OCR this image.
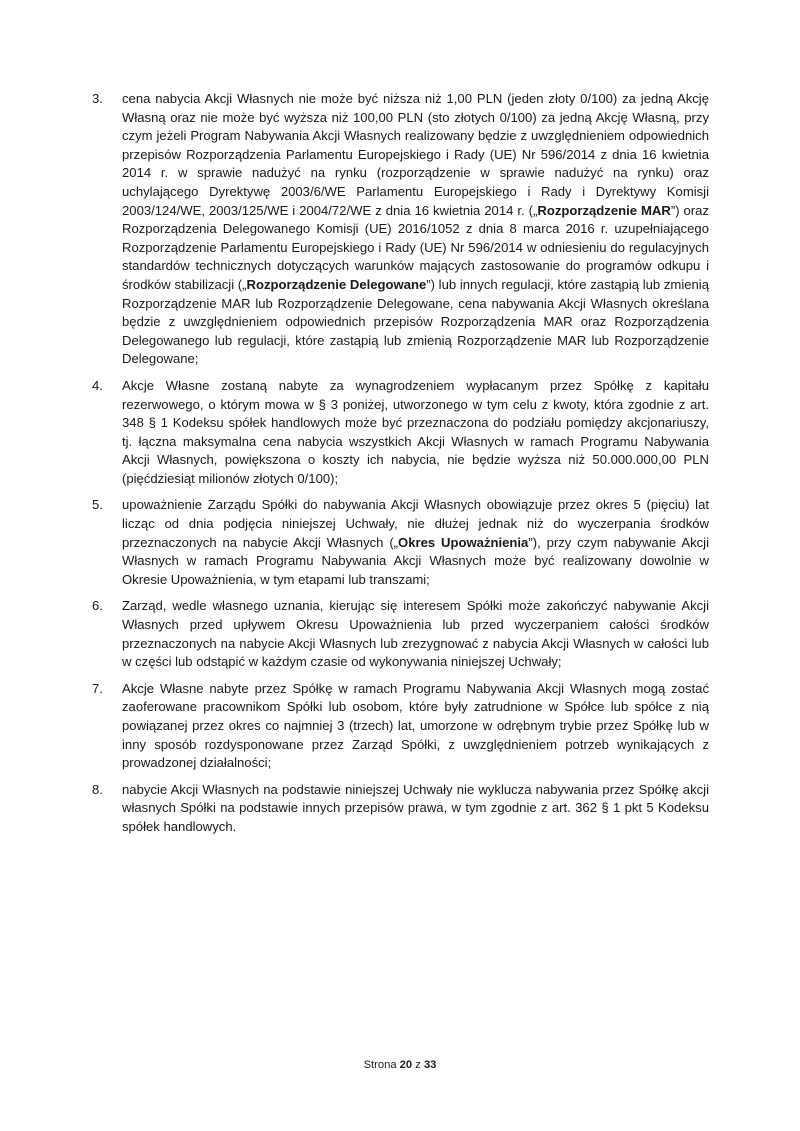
3.	cena nabycia Akcji Własnych nie może być niższa niż 1,00 PLN (jeden złoty 0/100) za jedną Akcję Własną oraz nie może być wyższa niż 100,00 PLN (sto złotych 0/100) za jedną Akcję Własną, przy czym jeżeli Program Nabywania Akcji Własnych realizowany będzie z uwzględnieniem odpowiednich przepisów Rozporządzenia Parlamentu Europejskiego i Rady (UE) Nr 596/2014 z dnia 16 kwietnia 2014 r. w sprawie nadużyć na rynku (rozporządzenie w sprawie nadużyć na rynku) oraz uchylającego Dyrektywę 2003/6/WE Parlamentu Europejskiego i Rady i Dyrektywy Komisji 2003/124/WE, 2003/125/WE i 2004/72/WE z dnia 16 kwietnia 2014 r. („Rozporządzenie MAR”) oraz Rozporządzenia Delegowanego Komisji (UE) 2016/1052 z dnia 8 marca 2016 r. uzupełniającego Rozporządzenie Parlamentu Europejskiego i Rady (UE) Nr 596/2014 w odniesieniu do regulacyjnych standardów technicznych dotyczących warunków mających zastosowanie do programów odkupu i środków stabilizacji („Rozporządzenie Delegowane”) lub innych regulacji, które zastąpią lub zmienią Rozporządzenie MAR lub Rozporządzenie Delegowane, cena nabywania Akcji Własnych określana będzie z uwzględnieniem odpowiednich przepisów Rozporządzenia MAR oraz Rozporządzenia Delegowanego lub regulacji, które zastąpią lub zmienią Rozporządzenie MAR lub Rozporządzenie Delegowane;
4.	Akcje Własne zostaną nabyte za wynagrodzeniem wypłacanym przez Spółkę z kapitału rezerwowego, o którym mowa w § 3 poniżej, utworzonego w tym celu z kwoty, która zgodnie z art. 348 § 1 Kodeksu spółek handlowych może być przeznaczona do podziału pomiędzy akcjonariuszy, tj. łączna maksymalna cena nabycia wszystkich Akcji Własnych w ramach Programu Nabywania Akcji Własnych, powiększona o koszty ich nabycia, nie będzie wyższa niż 50.000.000,00 PLN (pięćdziesiąt milionów złotych 0/100);
5.	upoważnienie Zarządu Spółki do nabywania Akcji Własnych obowiązuje przez okres 5 (pięciu) lat licząc od dnia podjęcia niniejszej Uchwały, nie dłużej jednak niż do wyczerpania środków przeznaczonych na nabycie Akcji Własnych („Okres Upoważnienia”), przy czym nabywanie Akcji Własnych w ramach Programu Nabywania Akcji Własnych może być realizowany dowolnie w Okresie Upoważnienia, w tym etapami lub transzami;
6.	Zarząd, wedle własnego uznania, kierując się interesem Spółki może zakończyć nabywanie Akcji Własnych przed upływem Okresu Upoważnienia lub przed wyczerpaniem całości środków przeznaczonych na nabycie Akcji Własnych lub zrezygnować z nabycia Akcji Własnych w całości lub w części lub odstąpić w każdym czasie od wykonywania niniejszej Uchwały;
7.	Akcje Własne nabyte przez Spółkę w ramach Programu Nabywania Akcji Własnych mogą zostać zaoferowane pracownikom Spółki lub osobom, które były zatrudnione w Spółce lub spółce z nią powiązanej przez okres co najmniej 3 (trzech) lat, umorzone w odrębnym trybie przez Spółkę lub w inny sposób rozdysponowane przez Zarząd Spółki, z uwzględnieniem potrzeb wynikających z prowadzonej działalności;
8.	nabycie Akcji Własnych na podstawie niniejszej Uchwały nie wyklucza nabywania przez Spółkę akcji własnych Spółki na podstawie innych przepisów prawa, w tym zgodnie z art. 362 § 1 pkt 5 Kodeksu spółek handlowych.
Strona 20 z 33
